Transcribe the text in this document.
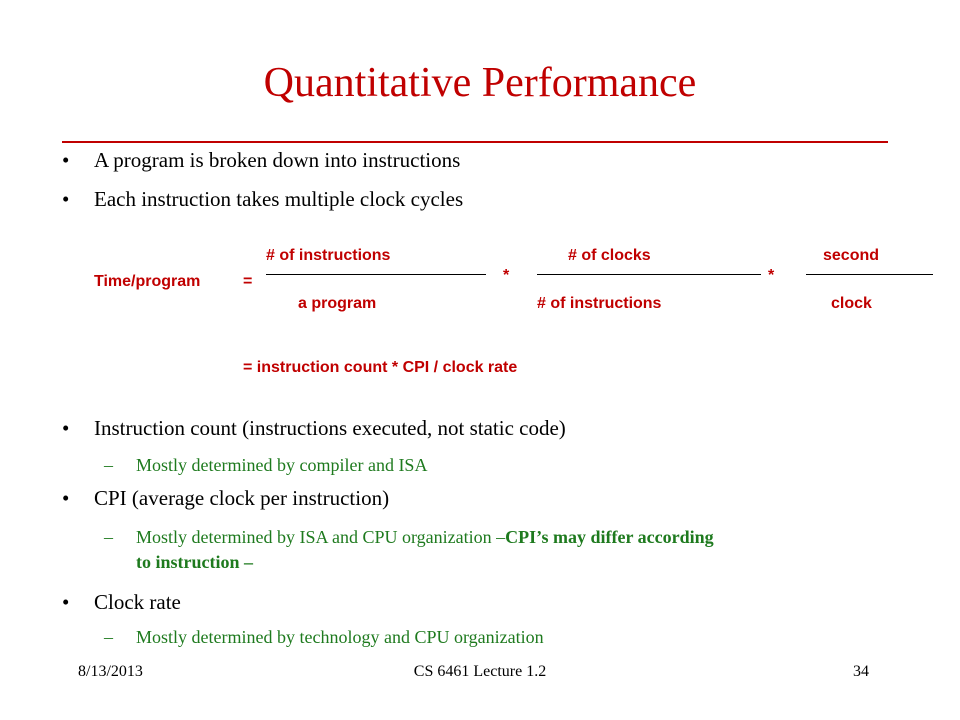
Quantitative Performance
• A program is broken down into instructions
• Each instruction takes multiple clock cycles
# of instructions	# of clocks	second
Time/program	=	*	*
a program	# of instructions	clock
= instruction count * CPI / clock rate
• Instruction count (instructions executed, not static code)
– Mostly determined by compiler and ISA
• CPI (average clock per instruction)
– Mostly determined by ISA and CPU organization –CPI’s may differ according
to instruction –
• Clock rate
– Mostly determined by technology and CPU organization
8/13/2013	CS 6461 Lecture 1.2	34
